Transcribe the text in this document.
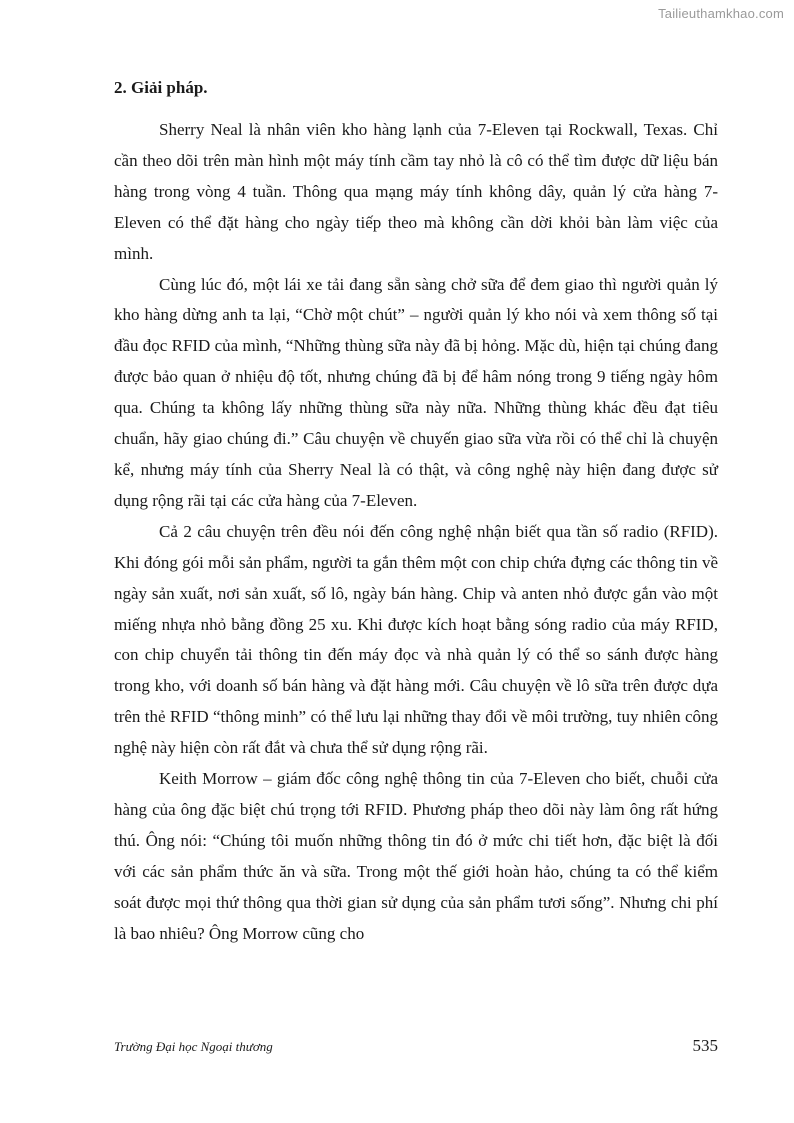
Tailieuthamkhao.com
2. Giải pháp.

Sherry Neal là nhân viên kho hàng lạnh của 7-Eleven tại Rockwall, Texas. Chỉ cần theo dõi trên màn hình một máy tính cầm tay nhỏ là cô có thể tìm được dữ liệu bán hàng trong vòng 4 tuần. Thông qua mạng máy tính không dây, quản lý cửa hàng 7-Eleven có thể đặt hàng cho ngày tiếp theo mà không cần dời khỏi bàn làm việc của mình.

Cùng lúc đó, một lái xe tải đang sẵn sàng chở sữa để đem giao thì người quản lý kho hàng dừng anh ta lại, “Chờ một chút” – người quản lý kho nói và xem thông số tại đầu đọc RFID của mình, “Những thùng sữa này đã bị hỏng. Mặc dù, hiện tại chúng đang được bảo quan ở nhiệu độ tốt, nhưng chúng đã bị để hâm nóng trong 9 tiếng ngày hôm qua. Chúng ta không lấy những thùng sữa này nữa. Những thùng khác đều đạt tiêu chuẩn, hãy giao chúng đi.” Câu chuyện về chuyến giao sữa vừa rồi có thể chỉ là chuyện kể, nhưng máy tính của Sherry Neal là có thật, và công nghệ này hiện đang được sử dụng rộng rãi tại các cửa hàng của 7-Eleven.

Cả 2 câu chuyện trên đều nói đến công nghệ nhận biết qua tần số radio (RFID). Khi đóng gói mỗi sản phẩm, người ta gắn thêm một con chip chứa đựng các thông tin về ngày sản xuất, nơi sản xuất, số lô, ngày bán hàng. Chip và anten nhỏ được gắn vào một miếng nhựa nhỏ bằng đồng 25 xu. Khi được kích hoạt bằng sóng radio của máy RFID, con chip chuyển tải thông tin đến máy đọc và nhà quản lý có thể so sánh được hàng trong kho, với doanh số bán hàng và đặt hàng mới. Câu chuyện về lô sữa trên được dựa trên thẻ RFID “thông minh” có thể lưu lại những thay đổi về môi trường, tuy nhiên công nghệ này hiện còn rất đắt và chưa thể sử dụng rộng rãi.

Keith Morrow – giám đốc công nghệ thông tin của 7-Eleven cho biết, chuỗi cửa hàng của ông đặc biệt chú trọng tới RFID. Phương pháp theo dõi này làm ông rất hứng thú. Ông nói: “Chúng tôi muốn những thông tin đó ở mức chi tiết hơn, đặc biệt là đối với các sản phẩm thức ăn và sữa. Trong một thế giới hoàn hảo, chúng ta có thể kiểm soát được mọi thứ thông qua thời gian sử dụng của sản phẩm tươi sống”. Nhưng chi phí là bao nhiêu? Ông Morrow cũng cho

Trường Đại học Ngoại thương	535
